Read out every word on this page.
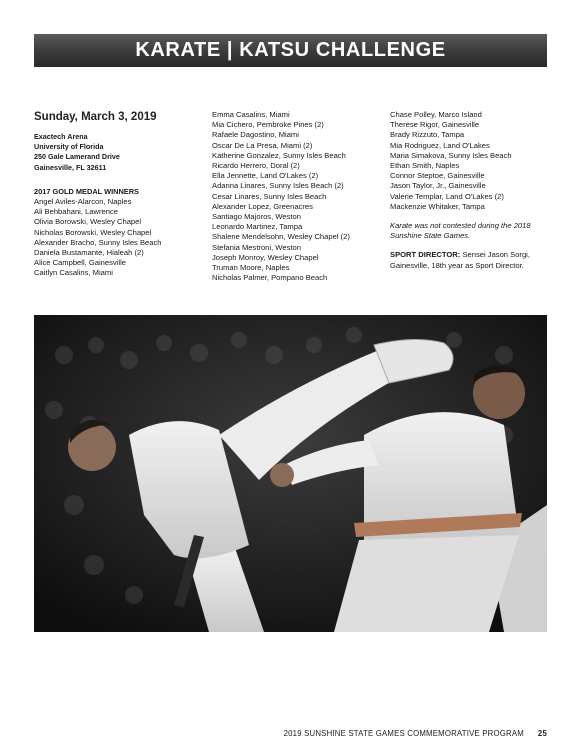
KARATE | KATSU CHALLENGE
Sunday, March 3, 2019
Exactech Arena
University of Florida
250 Gale Lamerand Drive
Gainesville, FL 32611
2017 GOLD MEDAL WINNERS
Angel Aviles-Alarcon, Naples
Ali Behbahani, Lawrence
Olivia Borowski, Wesley Chapel
Nicholas Borowski, Wesley Chapel
Alexander Bracho, Sunny Isles Beach
Daniela Bustamante, Hialeah (2)
Alice Campbell, Gainesville
Caitlyn Casalins, Miami
Emma Casalins, Miami
Mia Cichero, Pembroke Pines (2)
Rafaele Dagostino, Miami
Oscar De La Presa, Miami (2)
Katherine Gonzalez, Sunny Isles Beach
Ricardo Herrero, Doral (2)
Ella Jennette, Land O'Lakes (2)
Adanna Linares, Sunny Isles Beach (2)
Cesar Linares, Sunny Isles Beach
Alexander Lopez, Greenacres
Santiago Majoros, Weston
Leonardo Martinez, Tampa
Shalene Mendelsohn, Wesley Chapel (2)
Stefania Mestroni, Weston
Joseph Monroy, Wesley Chapel
Truman Moore, Naples
Nicholas Palmer, Pompano Beach
Chase Polley, Marco Island
Therese Rigor, Gainesville
Brady Rizzuto, Tampa
Mia Rodriguez, Land O'Lakes
Maria Simakova, Sunny Isles Beach
Ethan Smith, Naples
Connor Steptoe, Gainesville
Jason Taylor, Jr., Gainesville
Valerie Templar, Land O'Lakes (2)
Mackenzie Whitaker, Tampa
Karate was not contested during the 2018 Sunshine State Games.
SPORT DIRECTOR: Sensei Jason Sorgi, Gainesville, 18th year as Sport Director.
2019 SUNSHINE STATE GAMES COMMEMORATIVE PROGRAM 25
